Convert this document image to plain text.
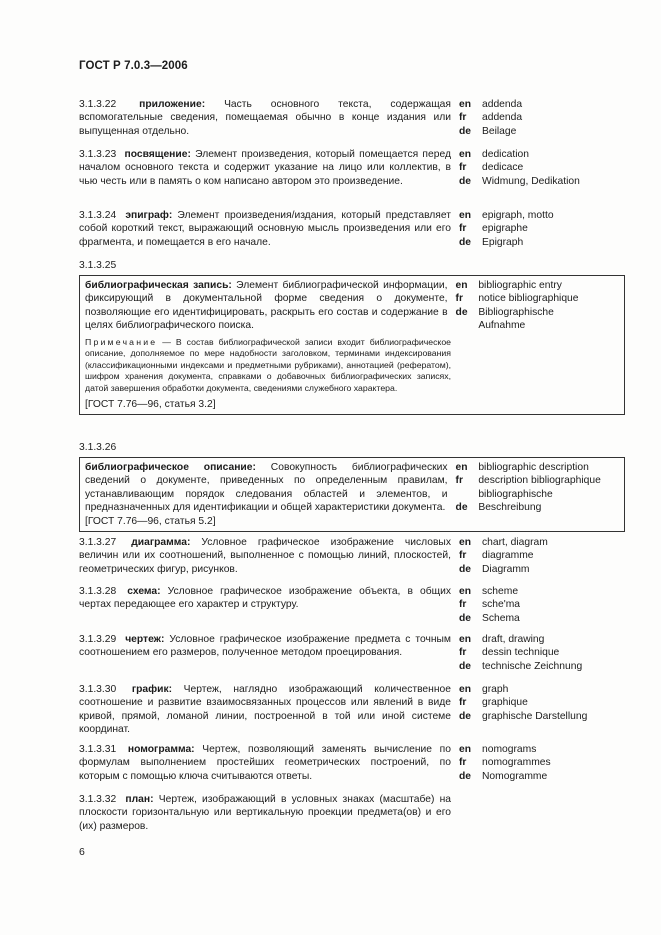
ГОСТ Р 7.0.3—2006
3.1.3.22 приложение: Часть основного текста, содержащая вспомогательные сведения, помещаемая обычно в конце издания или выпущенная отдельно.
en
fr
de
addenda
addenda
Beilage
3.1.3.23 посвящение: Элемент произведения, который помещается перед началом основного текста и содержит указание на лицо или коллектив, в чью честь или в память о ком написано автором это произведение.
en
fr
de
dedication
dedicace
Widmung, Dedikation
3.1.3.24 эпиграф: Элемент произведения/издания, который представляет собой короткий текст, выражающий основную мысль произведения или его фрагмента, и помещается в его начале.
en
fr
de
epigraph, motto
epigraphe
Epigraph
3.1.3.25
библиографическая запись: Элемент библиографической информации, фиксирующий в документальной форме сведения о документе, позволяющие его идентифицировать, раскрыть его состав и содержание в целях библиографического поиска.
en
fr
de
bibliographic entry
notice bibliographique
Bibliographische Aufnahme
Примечание — В состав библиографической записи входит библиографическое описание, дополняемое по мере надобности заголовком, терминами индексирования (классификационными индексами и предметными рубриками), аннотацией (рефератом), шифром хранения документа, справками о добавочных библиографических записях, датой завершения обработки документа, сведениями служебного характера.
[ГОСТ 7.76—96, статья 3.2]
3.1.3.26
библиографическое описание: Совокупность библиографических сведений о документе, приведенных по определенным правилам, устанавливающим порядок следования областей и элементов, и предназначенных для идентификации и общей характеристики документа.
[ГОСТ 7.76—96, статья 5.2]
en
fr
de
bibliographic description
description bibliographique
bibliographische Beschreibung
3.1.3.27 диаграмма: Условное графическое изображение числовых величин или их соотношений, выполненное с помощью линий, плоскостей, геометрических фигур, рисунков.
en
fr
de
chart, diagram
diagramme
Diagramm
3.1.3.28 схема: Условное графическое изображение объекта, в общих чертах передающее его характер и структуру.
en
fr
de
scheme
sche'ma
Schema
3.1.3.29 чертеж: Условное графическое изображение предмета с точным соотношением его размеров, полученное методом проецирования.
en
fr
de
draft, drawing
dessin technique
technische Zeichnung
3.1.3.30 график: Чертеж, наглядно изображающий количественное соотношение и развитие взаимосвязанных процессов или явлений в виде кривой, прямой, ломаной линии, построенной в той или иной системе координат.
en
fr
de
graph
graphique
graphische Darstellung
3.1.3.31 номограмма: Чертеж, позволяющий заменять вычисление по формулам выполнением простейших геометрических построений, по которым с помощью ключа считываются ответы.
en
fr
de
nomograms
nomogrammes
Nomogramme
3.1.3.32 план: Чертеж, изображающий в условных знаках (масштабе) на плоскости горизонтальную или вертикальную проекции предмета(ов) и его (их) размеров.
6
